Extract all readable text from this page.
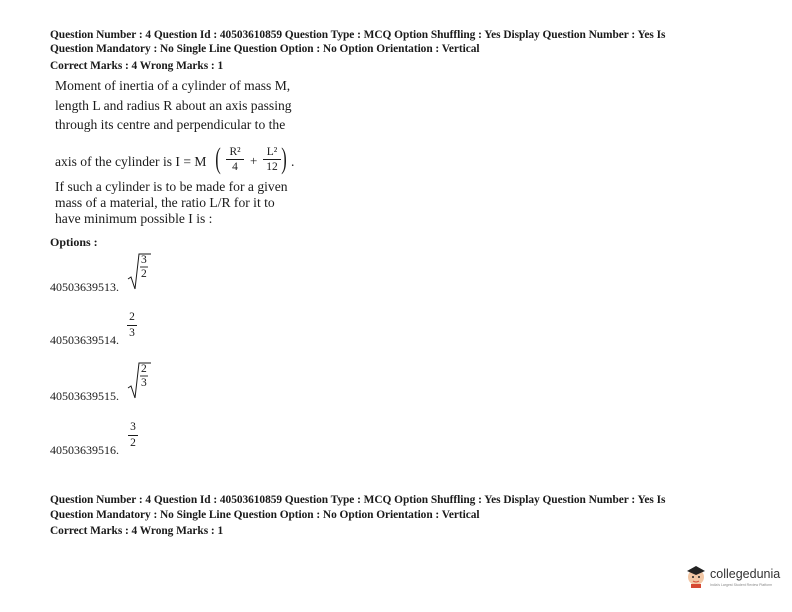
Question Number : 4 Question Id : 40503610859 Question Type : MCQ Option Shuffling : Yes Display Question Number : Yes Is
Question Mandatory : No Single Line Question Option : No Option Orientation : Vertical
Correct Marks : 4 Wrong Marks : 1
Moment of inertia of a cylinder of mass M,
length L and radius R about an axis passing
through its centre and perpendicular to the
axis of the cylinder is I = M ( R²
4 +
L²
12 ) .
If such a cylinder is to be made for a given
mass of a material, the ratio L/R for it to
have minimum possible I is :
Options :
40503639513.
3
2
40503639514.
2
3
40503639515.
2
3
40503639516.
3
2
Question Number : 4 Question Id : 40503610859 Question Type : MCQ Option Shuffling : Yes Display Question Number : Yes Is
Question Mandatory : No Single Line Question Option : No Option Orientation : Vertical
Correct Marks : 4 Wrong Marks : 1
collegedunia
India's Largest Student Review Platform
